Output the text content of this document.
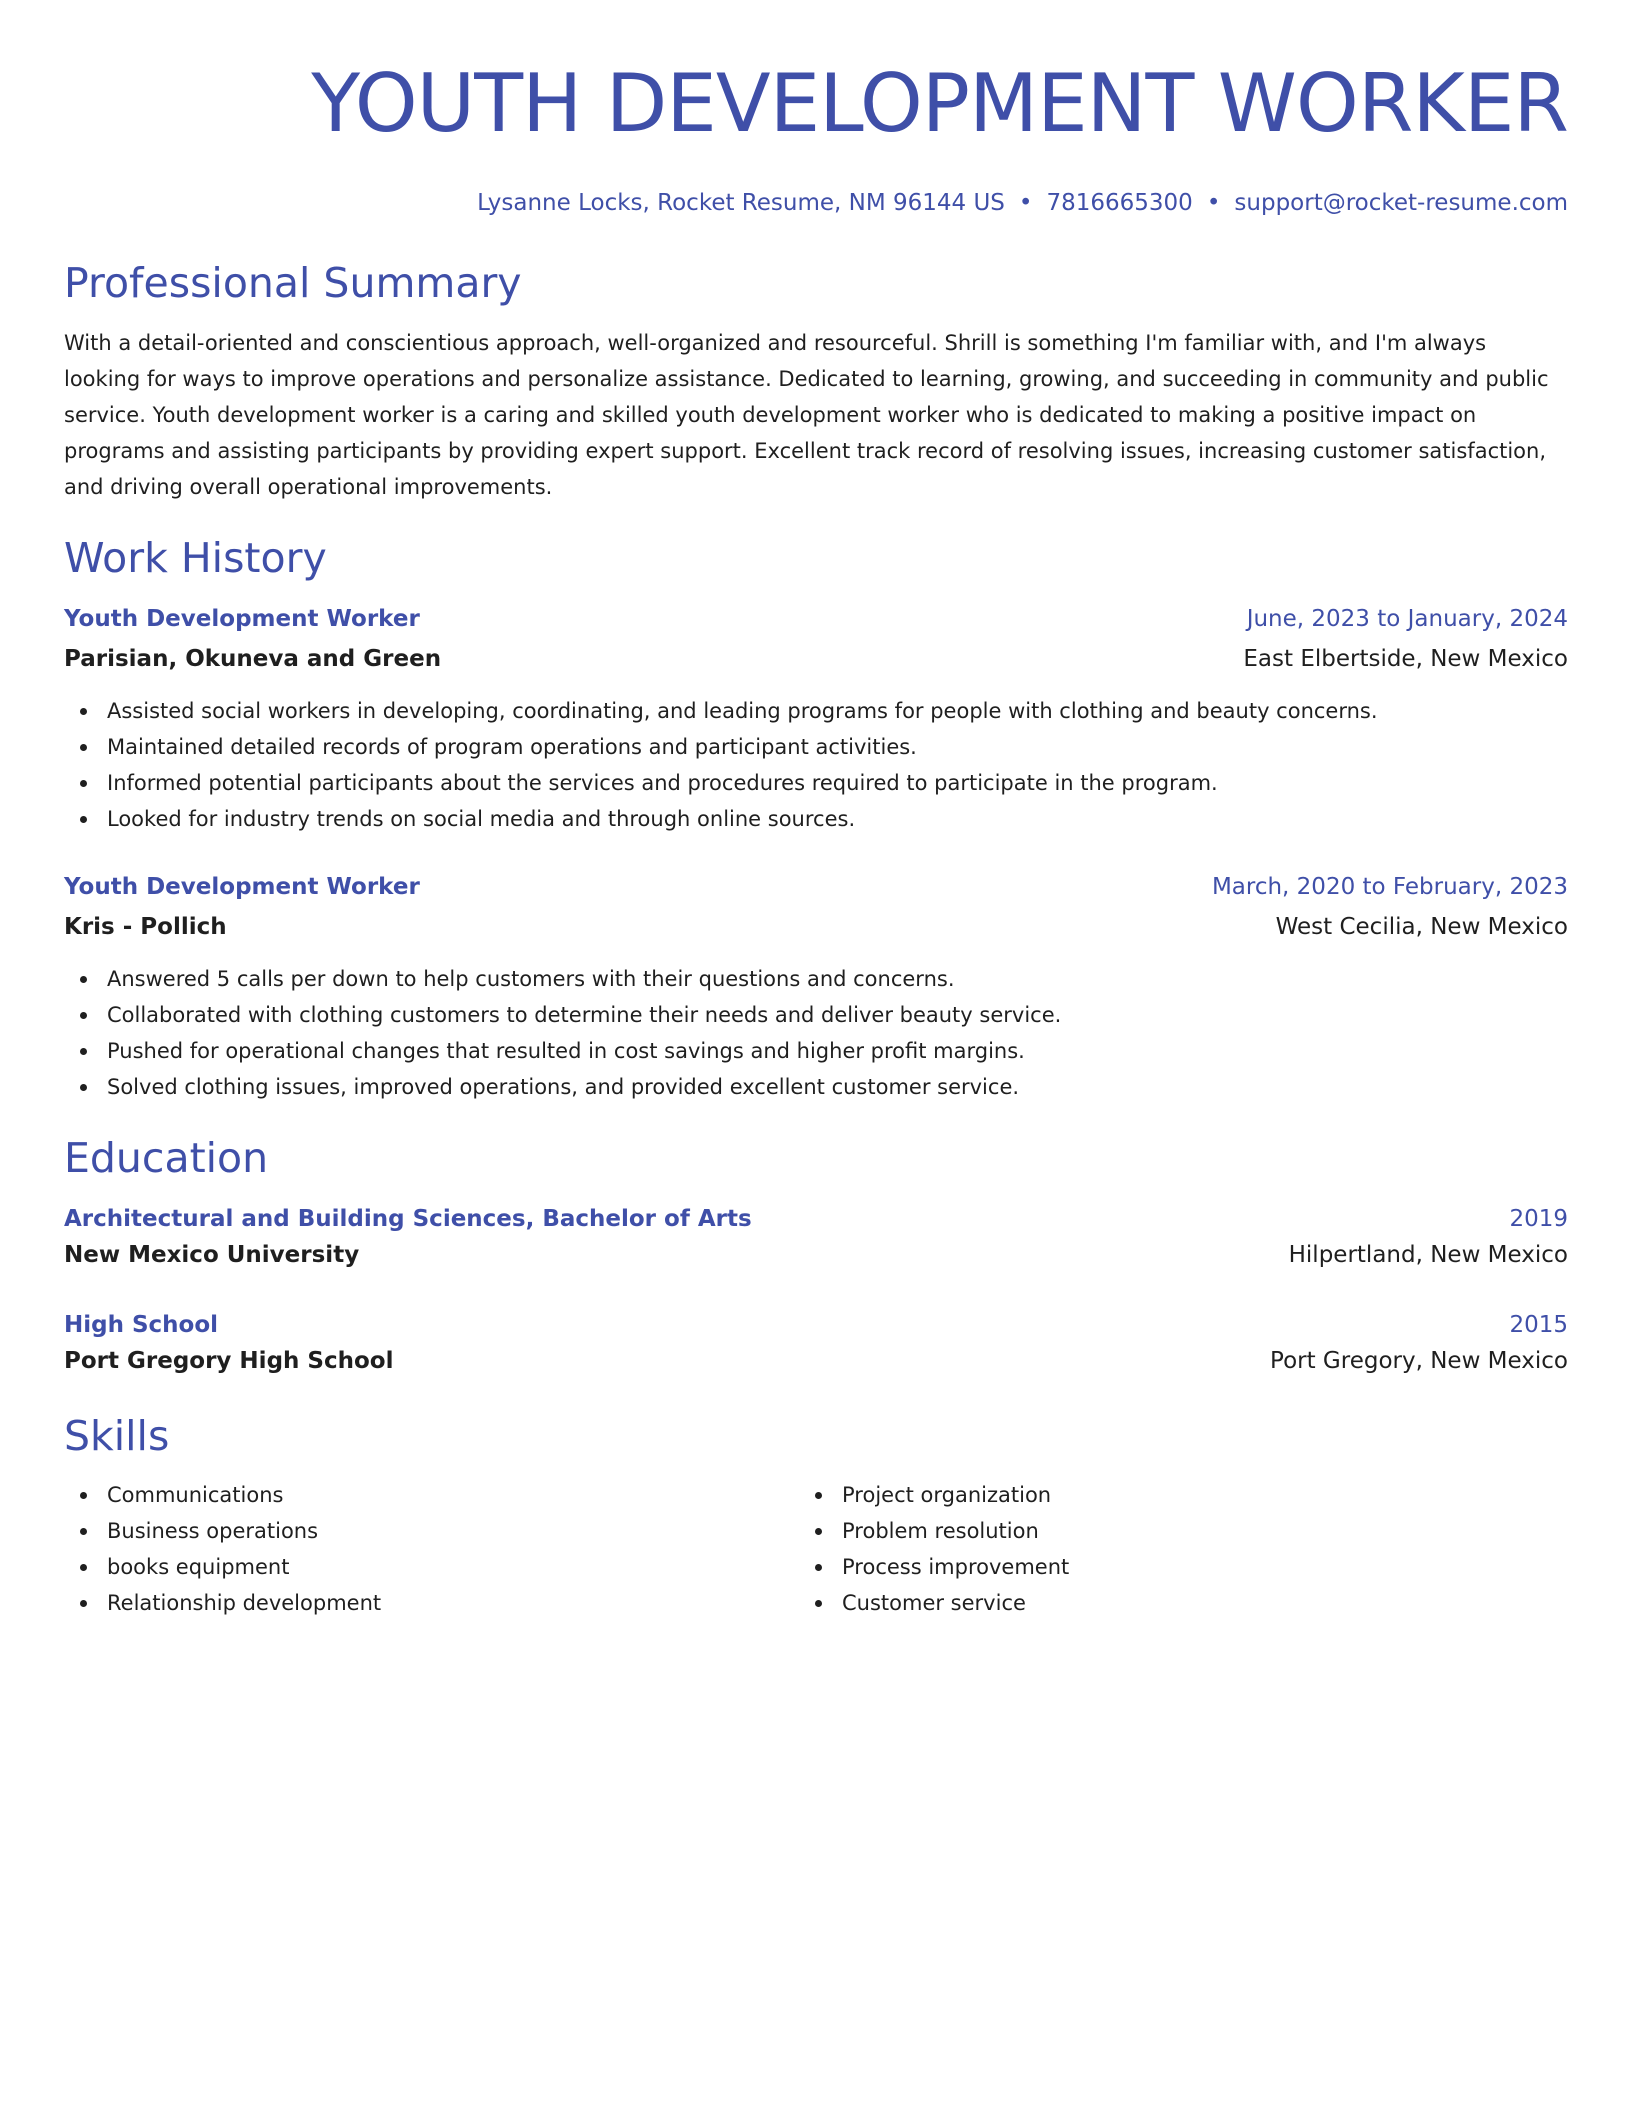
YOUTH DEVELOPMENT WORKER
Lysanne Locks, Rocket Resume, NM 96144 US • 7816665300 • support@rocket-resume.com
Professional Summary
With a detail-oriented and conscientious approach, well-organized and resourceful. Shrill is something I'm familiar with, and I'm always looking for ways to improve operations and personalize assistance. Dedicated to learning, growing, and succeeding in community and public service. Youth development worker is a caring and skilled youth development worker who is dedicated to making a positive impact on programs and assisting participants by providing expert support. Excellent track record of resolving issues, increasing customer satisfaction, and driving overall operational improvements.
Work History
Youth Development Worker	June, 2023 to January, 2024
Parisian, Okuneva and Green	East Elbertside, New Mexico
Assisted social workers in developing, coordinating, and leading programs for people with clothing and beauty concerns.
Maintained detailed records of program operations and participant activities.
Informed potential participants about the services and procedures required to participate in the program.
Looked for industry trends on social media and through online sources.
Youth Development Worker	March, 2020 to February, 2023
Kris - Pollich	West Cecilia, New Mexico
Answered 5 calls per down to help customers with their questions and concerns.
Collaborated with clothing customers to determine their needs and deliver beauty service.
Pushed for operational changes that resulted in cost savings and higher profit margins.
Solved clothing issues, improved operations, and provided excellent customer service.
Education
Architectural and Building Sciences, Bachelor of Arts	2019
New Mexico University	Hilpertland, New Mexico
High School	2015
Port Gregory High School	Port Gregory, New Mexico
Skills
Communications
Business operations
books equipment
Relationship development
Project organization
Problem resolution
Process improvement
Customer service
